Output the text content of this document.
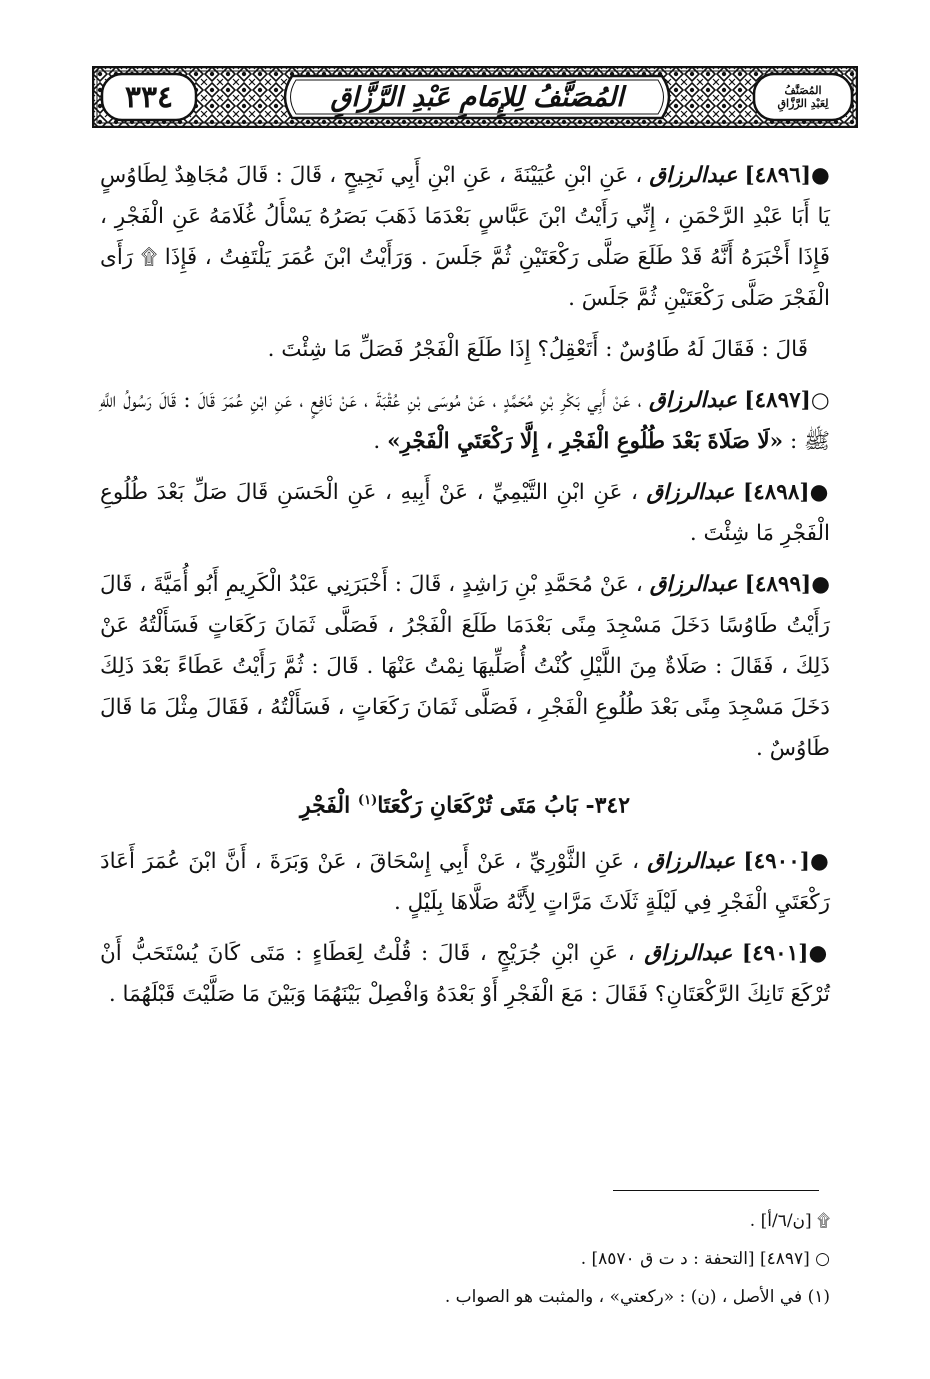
٣٣٤	المُصَنَّفُ لِلإِمَامِ عَبْدِ الرَّزَّاقِ	المُصَنَّفُ
لِعَبْدِ الرَّزَّاقِ

●[٤٨٩٦] عبدالرزاق ، عَنِ ابْنِ عُيَيْنَةَ ، عَنِ ابْنِ أَبِي نَجِيحٍ ، قَالَ : قَالَ مُجَاهِدٌ لِطَاوُسٍ يَا أَبَا عَبْدِ الرَّحْمَنِ ، إِنِّي رَأَيْتُ ابْنَ عَبَّاسٍ بَعْدَمَا ذَهَبَ بَصَرُهُ يَسْأَلُ غُلَامَهُ عَنِ الْفَجْرِ ، فَإِذَا أَخْبَرَهُ أَنَّهُ قَدْ طَلَعَ صَلَّى رَكْعَتَيْنِ ثُمَّ جَلَسَ . وَرَأَيْتُ ابْنَ عُمَرَ يَلْتَفِتُ ، فَإِذَا ۩ رَأَى الْفَجْرَ صَلَّى رَكْعَتَيْنِ ثُمَّ جَلَسَ .

قَالَ : فَقَالَ لَهُ طَاوُسٌ : أَتَعْقِلُ؟ إِذَا طَلَعَ الْفَجْرُ فَصَلِّ مَا شِئْتَ .

○[٤٨٩٧] عبدالرزاق ، عَنْ أَبِي بَكْرِ بْنِ مُحَمَّدٍ ، عَنْ مُوسَى بْنِ عُقْبَةَ ، عَنْ نَافِعٍ ، عَنِ ابْنِ عُمَرَ قَالَ : قَالَ رَسُولُ اللَّهِ ﷺ : «لَا صَلَاةَ بَعْدَ طُلُوعِ الْفَجْرِ ، إِلَّا رَكْعَتَيِ الْفَجْرِ» .

●[٤٨٩٨] عبدالرزاق ، عَنِ ابْنِ التَّيْمِيِّ ، عَنْ أَبِيهِ ، عَنِ الْحَسَنِ قَالَ صَلِّ بَعْدَ طُلُوعِ الْفَجْرِ مَا شِئْتَ .

●[٤٨٩٩] عبدالرزاق ، عَنْ مُحَمَّدِ بْنِ رَاشِدٍ ، قَالَ : أَخْبَرَنِي عَبْدُ الْكَرِيمِ أَبُو أُمَيَّةَ ، قَالَ رَأَيْتُ طَاوُسًا دَخَلَ مَسْجِدَ مِنًى بَعْدَمَا طَلَعَ الْفَجْرُ ، فَصَلَّى ثَمَانَ رَكَعَاتٍ فَسَأَلْتُهُ عَنْ ذَلِكَ ، فَقَالَ : صَلَاةٌ مِنَ اللَّيْلِ كُنْتُ أُصَلِّيهَا نِمْتُ عَنْهَا . قَالَ : ثُمَّ رَأَيْتُ عَطَاءً بَعْدَ ذَلِكَ دَخَلَ مَسْجِدَ مِنًى بَعْدَ طُلُوعِ الْفَجْرِ ، فَصَلَّى ثَمَانَ رَكَعَاتٍ ، فَسَأَلْتُهُ ، فَقَالَ مِثْلَ مَا قَالَ طَاوُسٌ .

٣٤٢- بَابُ مَتَى تُرْكَعَانِ رَكْعَتَا$^{(١)}$ الْفَجْرِ

●[٤٩٠٠] عبدالرزاق ، عَنِ الثَّوْرِيِّ ، عَنْ أَبِي إِسْحَاقَ ، عَنْ وَبَرَةَ ، أَنَّ ابْنَ عُمَرَ أَعَادَ رَكْعَتَيِ الْفَجْرِ فِي لَيْلَةٍ ثَلَاثَ مَرَّاتٍ لِأَنَّهُ صَلَّاهَا بِلَيْلٍ .

●[٤٩٠١] عبدالرزاق ، عَنِ ابْنِ جُرَيْجٍ ، قَالَ : قُلْتُ لِعَطَاءٍ : مَتَى كَانَ يُسْتَحَبُّ أَنْ تُرْكَعَ تَانِكَ الرَّكْعَتَانِ؟ فَقَالَ : مَعَ الْفَجْرِ أَوْ بَعْدَهُ وَافْصِلْ بَيْنَهُمَا وَبَيْنَ مَا صَلَّيْتَ قَبْلَهُمَا .

۩ [ن/٦/أ] .
○ [٤٨٩٧] [التحفة : د ت ق ٨٥٧٠] .
(١) في الأصل ، (ن) : «ركعتي» ، والمثبت هو الصواب .
